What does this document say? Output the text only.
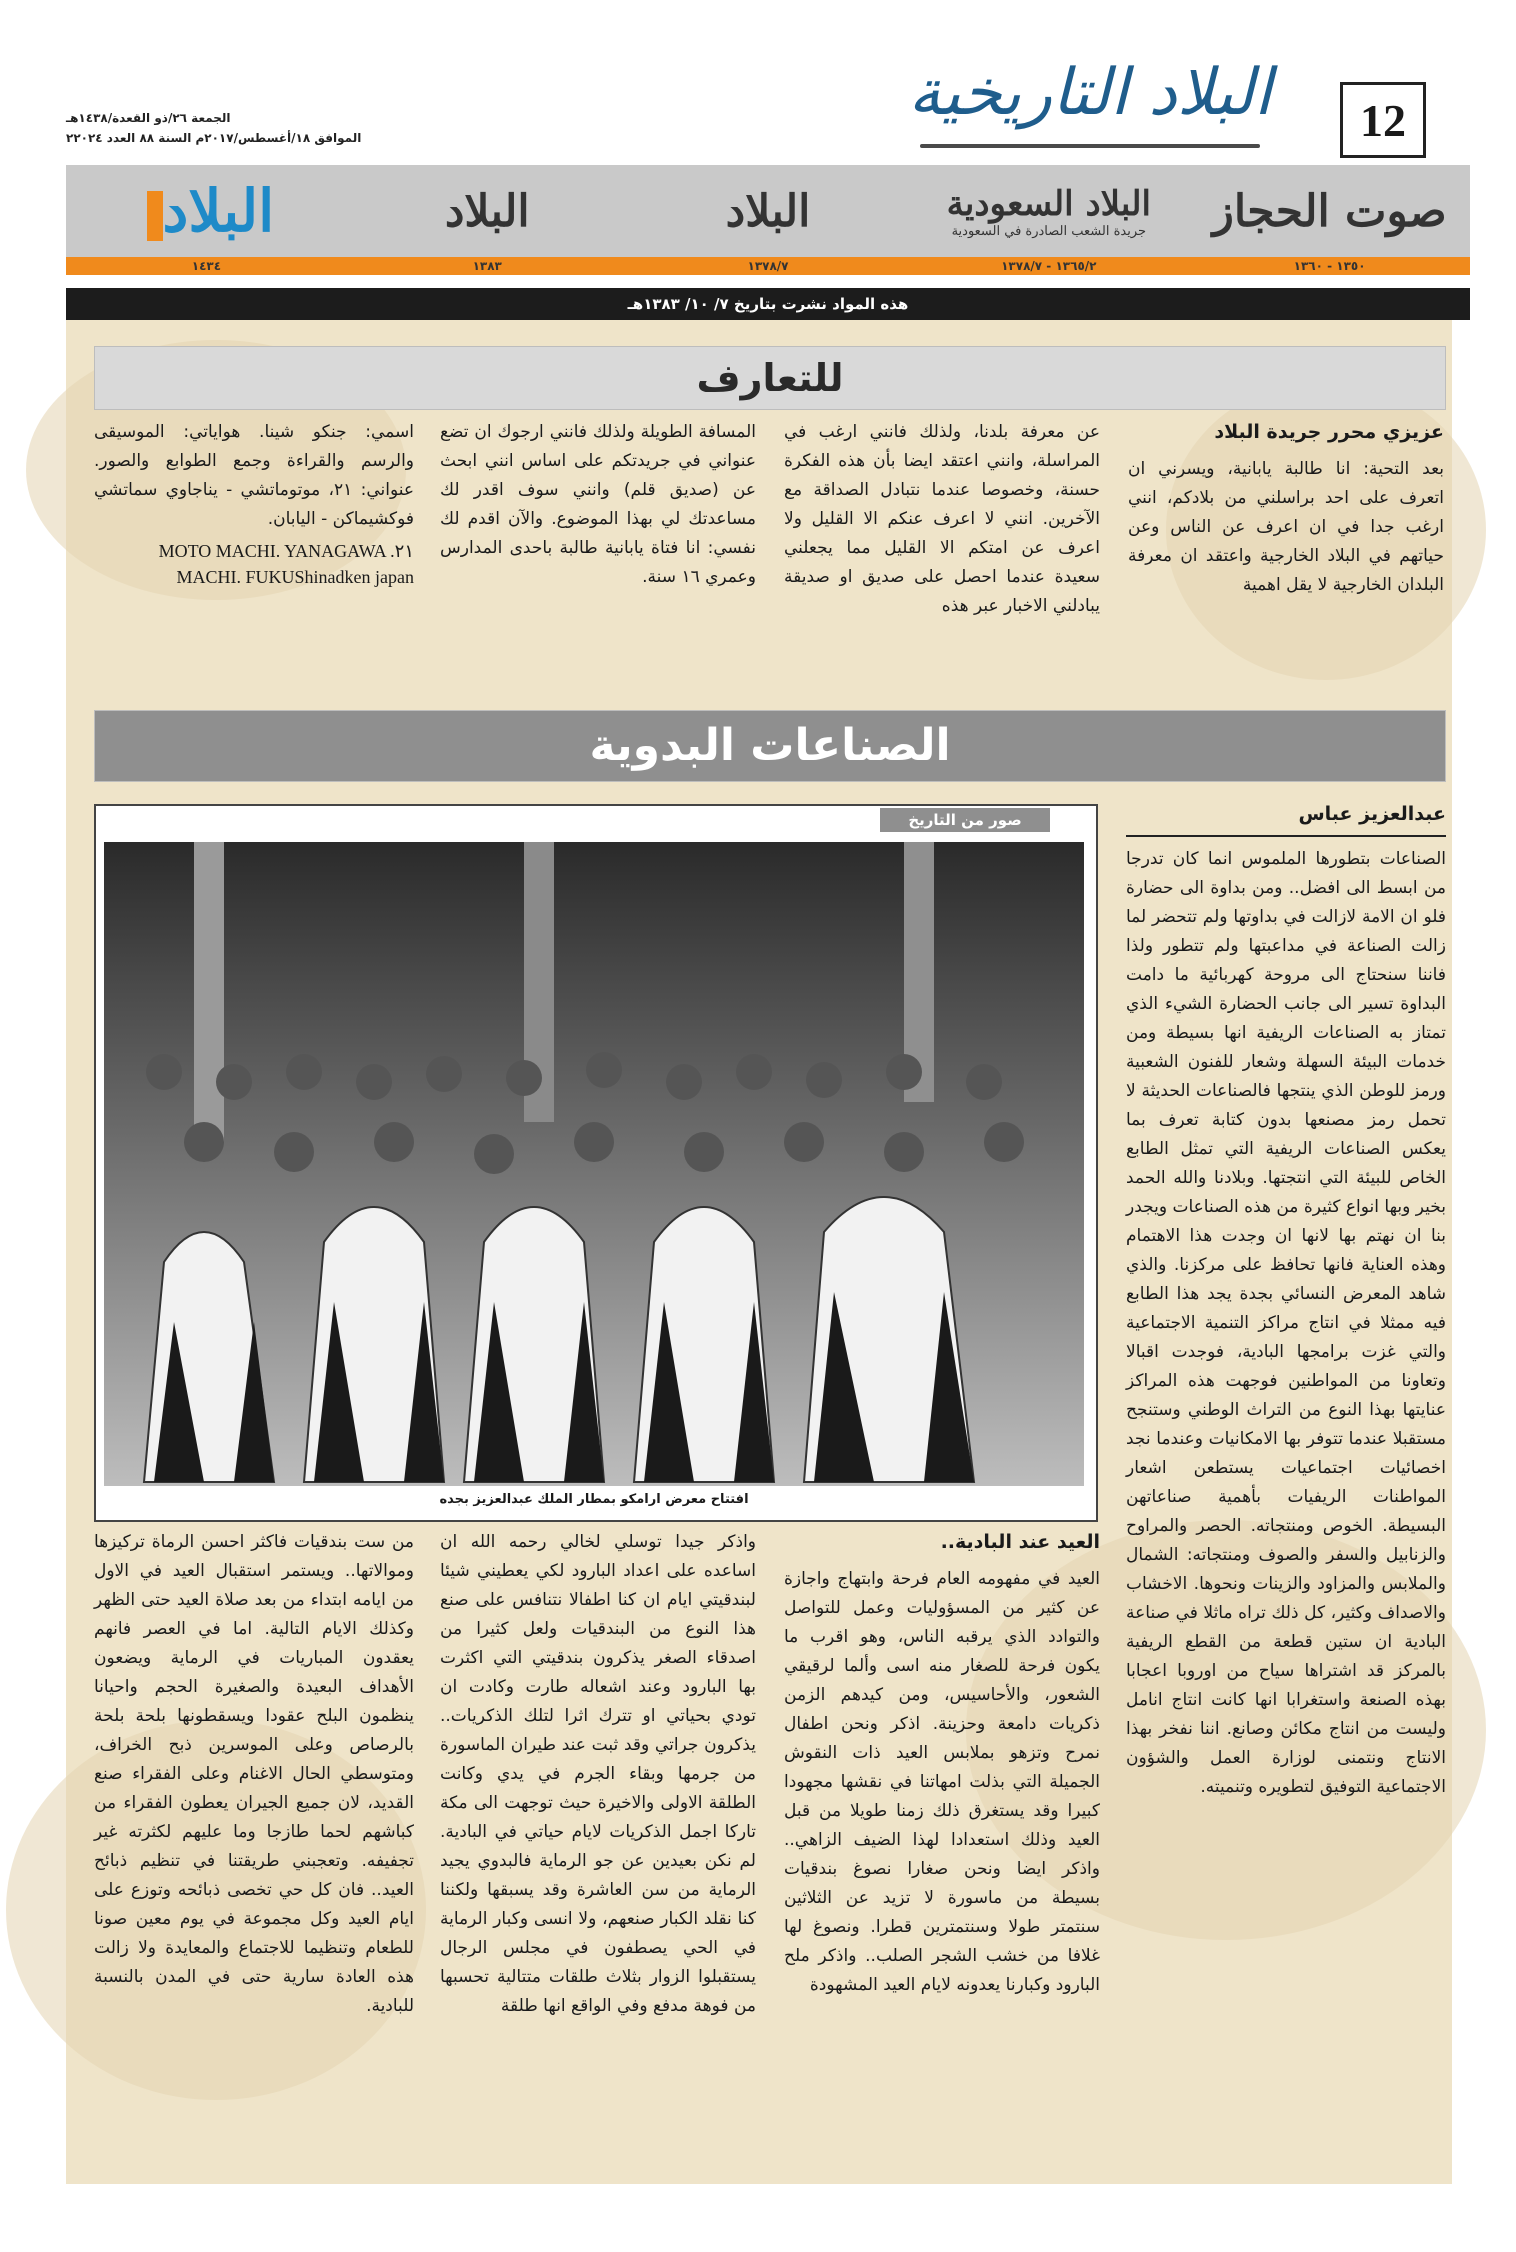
12
البلاد التاريخية
الجمعة ٢٦/ذو القعدة/١٤٣٨هـ
الموافق ١٨/أغسطس/٢٠١٧م السنة ٨٨ العدد ٢٢٠٢٤
صوت الحجاز
البلاد السعودية
جريدة الشعب الصادرة في السعودية
البلاد
البلاد
البلاد
١٣٥٠ - ١٣٦٠
١٣٦٥/٢ - ١٣٧٨/٧
١٣٧٨/٧
١٣٨٣
١٤٣٤
هذه المواد نشرت بتاريخ ٧/ ١٠/ ١٣٨٣هـ
للتعارف
عزيزي محرر جريدة البلاد

بعد التحية: انا طالبة يابانية، ويسرني ان اتعرف على احد براسلني من بلادكم، انني ارغب جدا في ان اعرف عن الناس وعن حياتهم في البلاد الخارجية واعتقد ان معرفة البلدان الخارجية لا يقل اهمية

عن معرفة بلدنا، ولذلك فانني ارغب في المراسلة، وانني اعتقد ايضا بأن هذه الفكرة حسنة، وخصوصا عندما نتبادل الصداقة مع الآخرين. انني لا اعرف عنكم الا القليل ولا اعرف عن امتكم الا القليل مما يجعلني سعيدة عندما احصل على صديق او صديقة يبادلني الاخبار عبر هذه

المسافة الطويلة ولذلك فانني ارجوك ان تضع عنواني في جريدتكم على اساس انني ابحث عن (صديق قلم) وانني سوف اقدر لك مساعدتك لي بهذا الموضوع. والآن اقدم لك نفسي: انا فتاة يابانية طالبة باحدى المدارس وعمري ١٦ سنة.

اسمي: جنكو شينا. هواياتي: الموسيقى والرسم والقراءة وجمع الطوابع والصور. عنواني: ٢١، موتوماتشي - يناجاوي سماتشي فوكشيماكن - اليابان.

MOTO MACHI. YANAGAWA .٢١ MACHI. FUKUShinadken japan

الصناعات البدوية
عبدالعزيز عباس

الصناعات بتطورها الملموس انما كان تدرجا من ابسط الى افضل.. ومن بداوة الى حضارة فلو ان الامة لازالت في بداوتها ولم تتحضر لما زالت الصناعة في مداعبتها ولم تتطور ولذا فاننا سنحتاج الى مروحة كهربائية ما دامت البداوة تسير الى جانب الحضارة الشيء الذي تمتاز به الصناعات الريفية انها بسيطة ومن خدمات البيئة السهلة وشعار للفنون الشعبية ورمز للوطن الذي ينتجها فالصناعات الحديثة لا تحمل رمز مصنعها بدون كتابة تعرف بما يعكس الصناعات الريفية التي تمثل الطابع الخاص للبيئة التي انتجتها. وبلادنا والله الحمد بخير وبها انواع كثيرة من هذه الصناعات ويجدر بنا ان نهتم بها لانها ان وجدت هذا الاهتمام وهذه العناية فانها تحافظ على مركزنا. والذي شاهد المعرض النسائي بجدة يجد هذا الطابع فيه ممثلا في انتاج مراكز التنمية الاجتماعية والتي غزت برامجها البادية، فوجدت اقبالا وتعاونا من المواطنين فوجهت هذه المراكز عنايتها بهذا النوع من التراث الوطني وستنجح مستقبلا عندما تتوفر بها الامكانيات وعندما نجد اخصائيات اجتماعيات يستطعن اشعار المواطنات الريفيات بأهمية صناعاتهن البسيطة. الخوص ومنتجاته. الحصر والمراوح والزنابيل والسفر والصوف ومنتجاته: الشمال والملابس والمزاود والزينات ونحوها. الاخشاب والاصداف وكثير، كل ذلك تراه ماثلا في صناعة البادية ان ستين قطعة من القطع الريفية بالمركز قد اشتراها سياح من اوروبا اعجابا بهذه الصنعة واستغرابا انها كانت انتاج انامل وليست من انتاج مكائن وصانع. اننا نفخر بهذا الانتاج ونتمنى لوزارة العمل والشؤون الاجتماعية التوفيق لتطويره وتنميته.

صور من التاريخ
افتتاح معرض ارامكو بمطار الملك عبدالعزيز بجده
العيد عند البادية..

العيد في مفهومه العام فرحة وابتهاج واجازة عن كثير من المسؤوليات وعمل للتواصل والتوادد الذي يرقبه الناس، وهو اقرب ما يكون فرحة للصغار منه اسى وألما لرقيقي الشعور، والأحاسيس، ومن كيدهم الزمن ذكريات دامعة وحزينة. اذكر ونحن اطفال نمرح وتزهو بملابس العيد ذات النقوش الجميلة التي بذلت امهاتنا في نقشها مجهودا كبيرا وقد يستغرق ذلك زمنا طويلا من قبل العيد وذلك استعدادا لهذا الضيف الزاهي.. واذكر ايضا ونحن صغارا نصوغ بندقيات بسيطة من ماسورة لا تزيد عن الثلاثين سنتمتر طولا وسنتمترين قطرا. ونصوغ لها غلافا من خشب الشجر الصلب.. واذكر ملح البارود وكبارنا يعدونه لايام العيد المشهودة

واذكر جيدا توسلي لخالي رحمه الله ان اساعده على اعداد البارود لكي يعطيني شيئا لبندقيتي ايام ان كنا اطفالا نتنافس على صنع هذا النوع من البندقيات ولعل كثيرا من اصدقاء الصغر يذكرون بندقيتي التي اكثرت بها البارود وعند اشعاله طارت وكادت ان تودي بحياتي او تترك اثرا لتلك الذكريات.. يذكرون جراتي وقد ثبت عند طيران الماسورة من جرمها وبقاء الجرم في يدي وكانت الطلقة الاولى والاخيرة حيث توجهت الى مكة تاركا اجمل الذكريات لايام حياتي في البادية. لم نكن بعيدين عن جو الرماية فالبدوي يجيد الرماية من سن العاشرة وقد يسبقها ولكننا كنا نقلد الكبار صنعهم، ولا انسى وكبار الرماية في الحي يصطفون في مجلس الرجال يستقبلوا الزوار بثلاث طلقات متتالية تحسبها من فوهة مدفع وفي الواقع انها طلقة

من ست بندقيات فاكثر احسن الرماة تركيزها وموالاتها.. ويستمر استقبال العيد في الاول من ايامه ابتداء من بعد صلاة العيد حتى الظهر وكذلك الايام التالية. اما في العصر فانهم يعقدون المباريات في الرماية ويضعون الأهداف البعيدة والصغيرة الحجم واحيانا ينظمون البلح عقودا ويسقطونها بلحة بلحة بالرصاص وعلى الموسرين ذبح الخراف، ومتوسطي الحال الاغنام وعلى الفقراء صنع القديد، لان جميع الجيران يعطون الفقراء من كباشهم لحما طازجا وما عليهم لكثرته غير تجفيفه. وتعجبني طريقتنا في تنظيم ذبائح العيد.. فان كل حي تخصى ذبائحه وتوزع على ايام العيد وكل مجموعة في يوم معين صونا للطعام وتنظيما للاجتماع والمعايدة ولا زالت هذه العادة سارية حتى في المدن بالنسبة للبادية.
